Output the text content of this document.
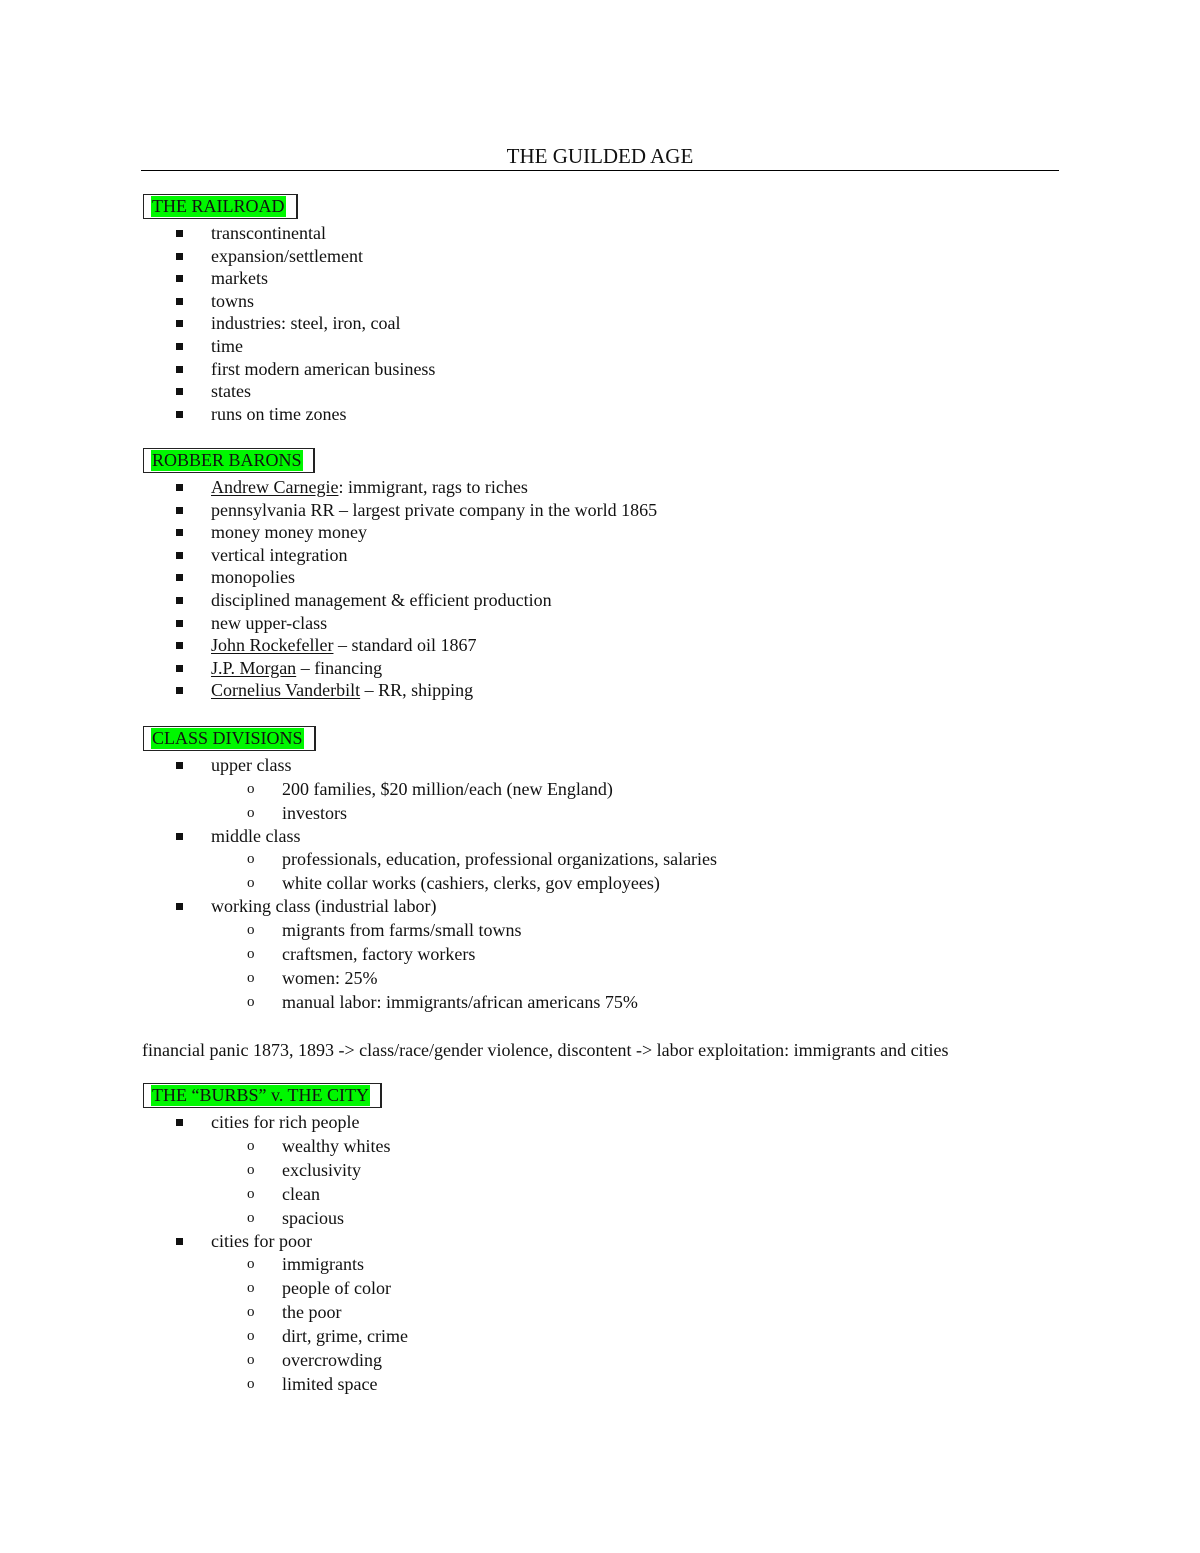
THE GUILDED AGE
THE RAILROAD
transcontinental
expansion/settlement
markets
towns
industries: steel, iron, coal
time
first modern american business
states
runs on time zones
ROBBER BARONS
Andrew Carnegie: immigrant, rags to riches
pennsylvania RR – largest private company in the world 1865
money money money
vertical integration
monopolies
disciplined management & efficient production
new upper-class
John Rockefeller – standard oil 1867
J.P. Morgan – financing
Cornelius Vanderbilt – RR, shipping
CLASS DIVISIONS
upper class
o 200 families, $20 million/each (new England)
o investors
middle class
o professionals, education, professional organizations, salaries
o white collar works (cashiers, clerks, gov employees)
working class (industrial labor)
o migrants from farms/small towns
o craftsmen, factory workers
o women: 25%
o manual labor: immigrants/african americans 75%

financial panic 1873, 1893 -> class/race/gender violence, discontent -> labor exploitation: immigrants and cities

THE “BURBS” v. THE CITY
cities for rich people
o wealthy whites
o exclusivity
o clean
o spacious
cities for poor
o immigrants
o people of color
o the poor
o dirt, grime, crime
o overcrowding
o limited space
